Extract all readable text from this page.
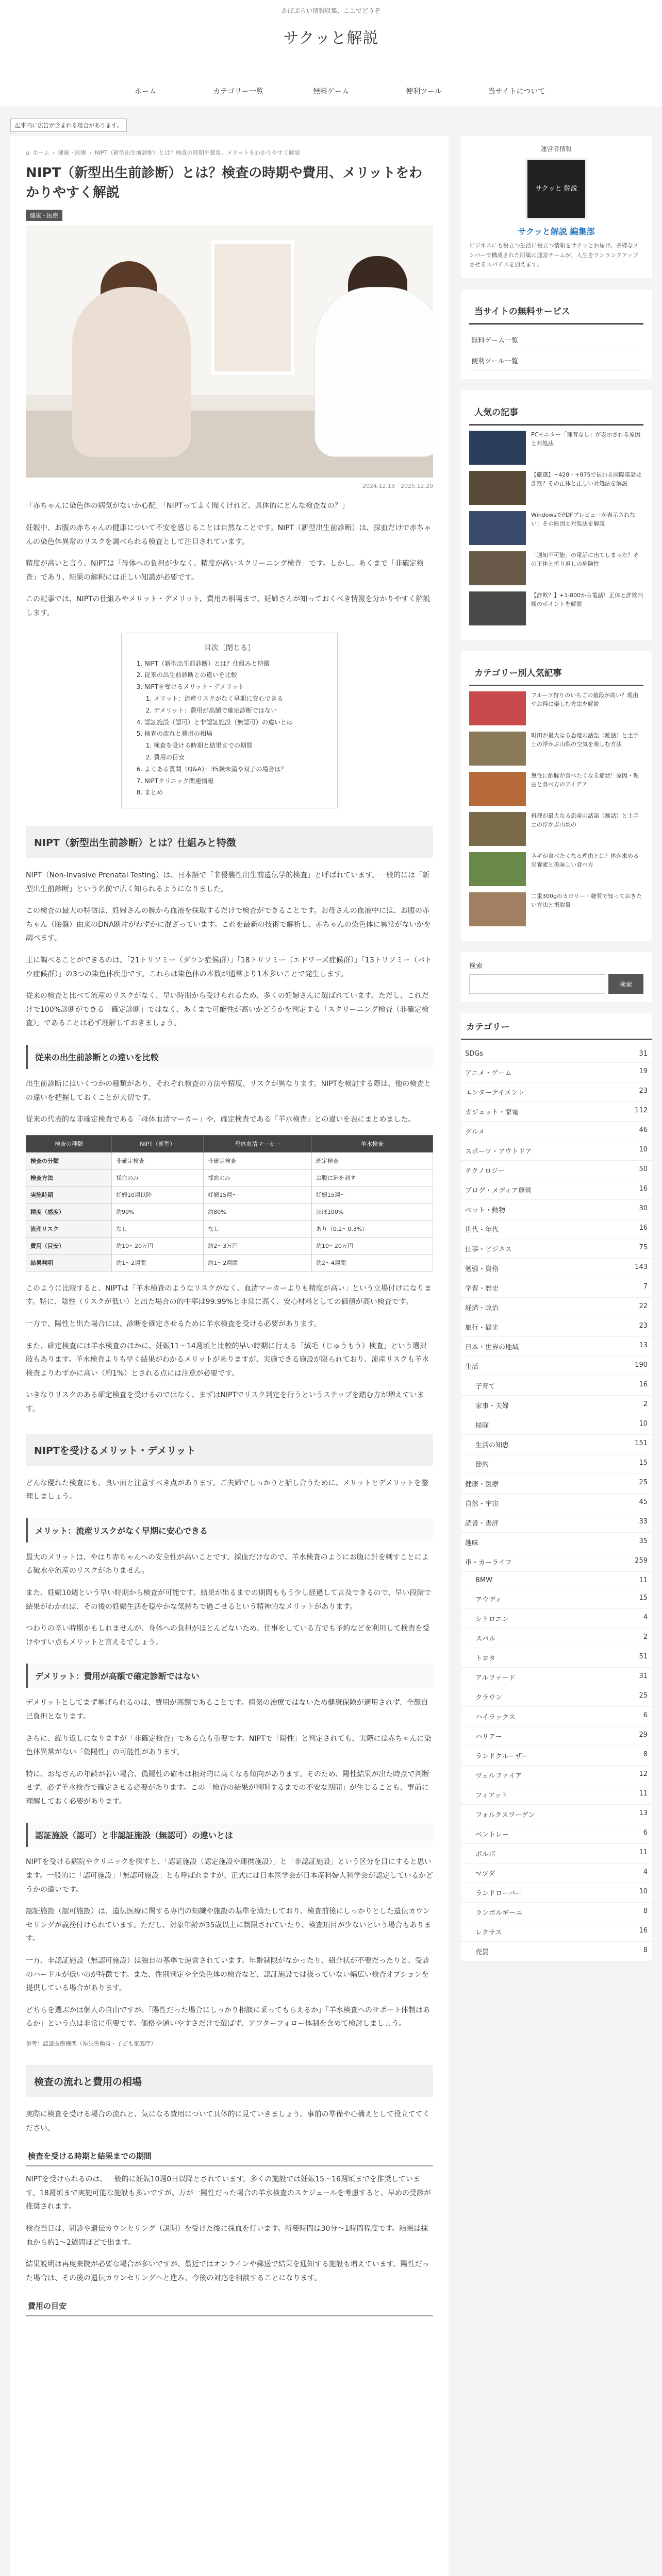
かぼぷらい情報収集、ここでどうぞ
サクッと解説
ホーム	カテゴリー一覧	無料ゲーム	便利ツール	当サイトについて
記事内に広告が含まれる場合があります。
⌂ ホーム › 健康・医療 › NIPT（新型出生前診断）とは？検査の時期や費用、メリットをわかりやすく解説
NIPT（新型出生前診断）とは？検査の時期や費用、メリットをわかりやすく解説
健康・医療
2024.12.13　2025.12.20

「赤ちゃんに染色体の病気がないか心配」「NIPTってよく聞くけれど、具体的にどんな検査なの？」

妊娠中、お腹の赤ちゃんの健康について不安を感じることは自然なことです。NIPT（新型出生前診断）は、採血だけで赤ちゃんの染色体異常のリスクを調べられる検査として注目されています。

精度が高いと言う、NIPTは「母体への負担が少なく、精度が高いスクリーニング検査」です。しかし、あくまで「非確定検査」であり、結果の解釈には正しい知識が必要です。

この記事では、NIPTの仕組みやメリット・デメリット、費用の相場まで、妊婦さんが知っておくべき情報を分かりやすく解説します。

目次［閉じる］
1. NIPT（新型出生前診断）とは？仕組みと特徴
2. 従来の出生前診断との違いを比較
3. NIPTを受けるメリット・デメリット
1. メリット：流産リスクがなく早期に安心できる
2. デメリット：費用が高額で確定診断ではない
4. 認証施設（認可）と非認証施設（無認可）の違いとは
5. 検査の流れと費用の相場
1. 検査を受ける時期と結果までの期間
2. 費用の目安
6. よくある質問（Q&A）：35歳未満や双子の場合は？
7. NIPTクリニック関連情報
8. まとめ
NIPT（新型出生前診断）とは？仕組みと特徴

NIPT（Non-Invasive Prenatal Testing）は、日本語で「非侵襲性出生前遺伝学的検査」と呼ばれています。一般的には「新型出生前診断」という名前で広く知られるようになりました。

この検査の最大の特徴は、妊婦さんの腕から血液を採取するだけで検査ができることです。お母さんの血液中には、お腹の赤ちゃん（胎盤）由来のDNA断片がわずかに混ざっています。これを最新の技術で解析し、赤ちゃんの染色体に異常がないかを調べます。

主に調べることができるのは、「21トリソミー（ダウン症候群）」「18トリソミー（エドワーズ症候群）」「13トリソミー（パトウ症候群）」の3つの染色体疾患です。これらは染色体の本数が通常より1本多いことで発生します。

従来の検査と比べて流産のリスクがなく、早い時期から受けられるため、多くの妊婦さんに選ばれています。ただし、これだけで100%診断ができる「確定診断」ではなく、あくまで可能性が高いかどうかを判定する「スクリーニング検査（非確定検査）」であることは必ず理解しておきましょう。

従来の出生前診断との違いを比較

出生前診断にはいくつかの種類があり、それぞれ検査の方法や精度、リスクが異なります。NIPTを検討する際は、他の検査との違いを把握しておくことが大切です。

従来の代表的な非確定検査である「母体血清マーカー」や、確定検査である「羊水検査」との違いを表にまとめました。

検査の種類	NIPT（新型）	母体血清マーカー	羊水検査
検査の分類	非確定検査	非確定検査	確定検査
検査方法	採血のみ	採血のみ	お腹に針を刺す
実施時期	妊娠10週以降	妊娠15週〜	妊娠15週〜
精度（感度）	約99%	約80%	ほぼ100%
流産リスク	なし	なし	あり（0.2〜0.3%）
費用（目安）	約10〜20万円	約2〜3万円	約10〜20万円
結果判明	約1〜2週間	約1〜2週間	約2〜4週間

このように比較すると、NIPTは「羊水検査のようなリスクがなく、血清マーカーよりも精度が高い」という立場付けになります。特に、陰性（リスクが低い）と出た場合の的中率は99.99%と非常に高く、安心材料としての価値が高い検査です。

一方で、陽性と出た場合には、診断を確定させるために羊水検査を受ける必要があります。

また、確定検査には羊水検査のほかに、妊娠11〜14週頃と比較的早い時期に行える「絨毛（じゅうもう）検査」という選択肢もあります。羊水検査よりも早く結果がわかるメリットがありますが、実施できる施設が限られており、流産リスクも羊水検査よりわずかに高い（約1%）とされる点には注意が必要です。

いきなりリスクのある確定検査を受けるのではなく、まずはNIPTでリスク判定を行うというステップを踏む方が増えています。

NIPTを受けるメリット・デメリット

どんな優れた検査にも、良い面と注意すべき点があります。ご夫婦でしっかりと話し合うために、メリットとデメリットを整理しましょう。

メリット：流産リスクがなく早期に安心できる

最大のメリットは、やはり赤ちゃんへの安全性が高いことです。採血だけなので、羊水検査のようにお腹に針を刺すことによる破水や流産のリスクがありません。

また、妊娠10週という早い時期から検査が可能です。結果が出るまでの期間ももう少し経過して言及できるので、早い段階で結果がわかれば、その後の妊娠生活を穏やかな気持ちで過ごせるという精神的なメリットがあります。

つわりの辛い時期かもしれませんが、身体への負担がほとんどないため、仕事をしている方でも予約などを利用して検査を受けやすい点もメリットと言えるでしょう。

デメリット：費用が高額で確定診断ではない

デメリットとしてまず挙げられるのは、費用が高額であることです。病気の治療ではないため健康保険が適用されず、全額自己負担となります。

さらに、繰り返しになりますが「非確定検査」である点も重要です。NIPTで「陽性」と判定されても、実際には赤ちゃんに染色体異常がない「偽陽性」の可能性があります。

特に、お母さんの年齢が若い場合、偽陽性の確率は相対的に高くなる傾向があります。そのため、陽性結果が出た時点で判断せず、必ず羊水検査で確定させる必要があります。この「検査の結果が判明するまでの不安な期間」が生じることも、事前に理解しておく必要があります。

認証施設（認可）と非認証施設（無認可）の違いとは

NIPTを受ける病院やクリニックを探すと、「認証施設（認定施設や連携施設）」と「非認証施設」という区分を目にすると思います。一般的に「認可施設」「無認可施設」とも呼ばれますが、正式には日本医学会が日本産科婦人科学会が認定しているかどうかの違いです。

認証施設（認可施設）は、遺伝医療に関する専門の知識や施設の基準を満たしており、検査前後にしっかりとした遺伝カウンセリングが義務付けられています。ただし、対象年齢が35歳以上に制限されていたり、検査項目が少ないという場合もあります。

一方、非認証施設（無認可施設）は独自の基準で運営されています。年齢制限がなかったり、紹介状が不要だったりと、受診のハードルが低いのが特徴です。また、性別判定や全染色体の検査など、認証施設では扱っていない幅広い検査オプションを提供している場合があります。

どちらを選ぶかは個人の自由ですが、「陽性だった場合にしっかり相談に乗ってもらえるか」「羊水検査へのサポート体制はあるか」という点は非常に重要です。価格や通いやすさだけで選ばず、アフターフォロー体制を含めて検討しましょう。

参考：認証医療機関（厚生労働省・子ども家庭庁）
検査の流れと費用の相場

実際に検査を受ける場合の流れと、気になる費用について具体的に見ていきましょう。事前の準備や心構えとして役立ててください。

検査を受ける時期と結果までの期間

NIPTを受けられるのは、一般的に妊娠10週0日以降とされています。多くの施設では妊娠15〜16週頃までを推奨しています。18週頃まで実施可能な施設も多いですが、万が一陽性だった場合の羊水検査のスケジュールを考慮すると、早めの受診が推奨されます。

検査当日は、問診や遺伝カウンセリング（説明）を受けた後に採血を行います。所要時間は30分〜1時間程度です。結果は採血から約1〜2週間ほどで出ます。

結果説明は再度来院が必要な場合が多いですが、最近ではオンラインや郵送で結果を通知する施設も増えています。陽性だった場合は、その後の遺伝カウンセリングへと進み、今後の対応を相談することになります。

費用の目安
運営者情報
サクッと 解説
サクッと解説 編集部
ビジネスにも役立つ生活に役立つ情報をサクッとお届け。多様なメンバーで構成された所属の運営チームが、人生をワンランクアップさせるスパイスを加えます。
当サイトの無料サービス
無料ゲーム一覧
便利ツール一覧
人気の記事
PCモニター「理有なし」が表示される原因と対処法
【厳選】+428・+875で伝わる国際電話は詐欺？その正体と正しい対処法を解説
WindowsでPDFプレビューが表示されない！その原因と対処法を解説
「通知不可能」の電話に出てしまった？その正体と折り返しの危険性
【詐欺？】+1-800から電話！正体と詐欺判断のポイントを解説
カテゴリー別人気記事
フルーツ狩りのいちごの値段が高い？理由やお得に楽しむ方法を解説
町田が最大なる恐竜の話語（雑話）と土手土の浮かぶ山梨の空気を楽しむ方法
無性に酢豚が食べたくなる症状！原因・理由と食べ方のアイデア
料理が最大なる恐竜の話語（雑話）と土手土の浮かぶ山梨の
ネギが食べたくなる理由とは？体が求める栄養素と美味しい食べ方
二重300gのカロリー・糖質で知っておきたい方法と摂取量
検索
検索
カテゴリー
SDGs	31
アニメ・ゲーム	19
エンターテイメント	23
ガジェット・家電	112
グルメ	46
スポーツ・アウトドア	10
テクノロジー	50
ブログ・メディア運営	16
ペット・動物	30
世代・年代	16
仕事・ビジネス	75
勉強・資格	143
学習・歴史	7
経済・政治	22
旅行・観光	23
日本・世界の地域	13
生活	190
子育て	16
家事・夫婦	2
掃除	10
生活の知恵	151
節約	15
健康・医療	25
自然・宇宙	45
読書・書評	33
趣味	35
車・カーライフ	259
BMW	11
アウディ	15
シトロエン	4
スバル	2
トヨタ	51
アルファード	31
クラウン	25
ハイラックス	6
ハリアー	29
ランドクルーザー	8
ヴェルファイア	12
フィアット	11
フォルクスワーゲン	13
ベントレー	6
ボルボ	11
マツダ	4
ランドローバー	10
ランボルギーニ	8
レクサス	16
売買	8
